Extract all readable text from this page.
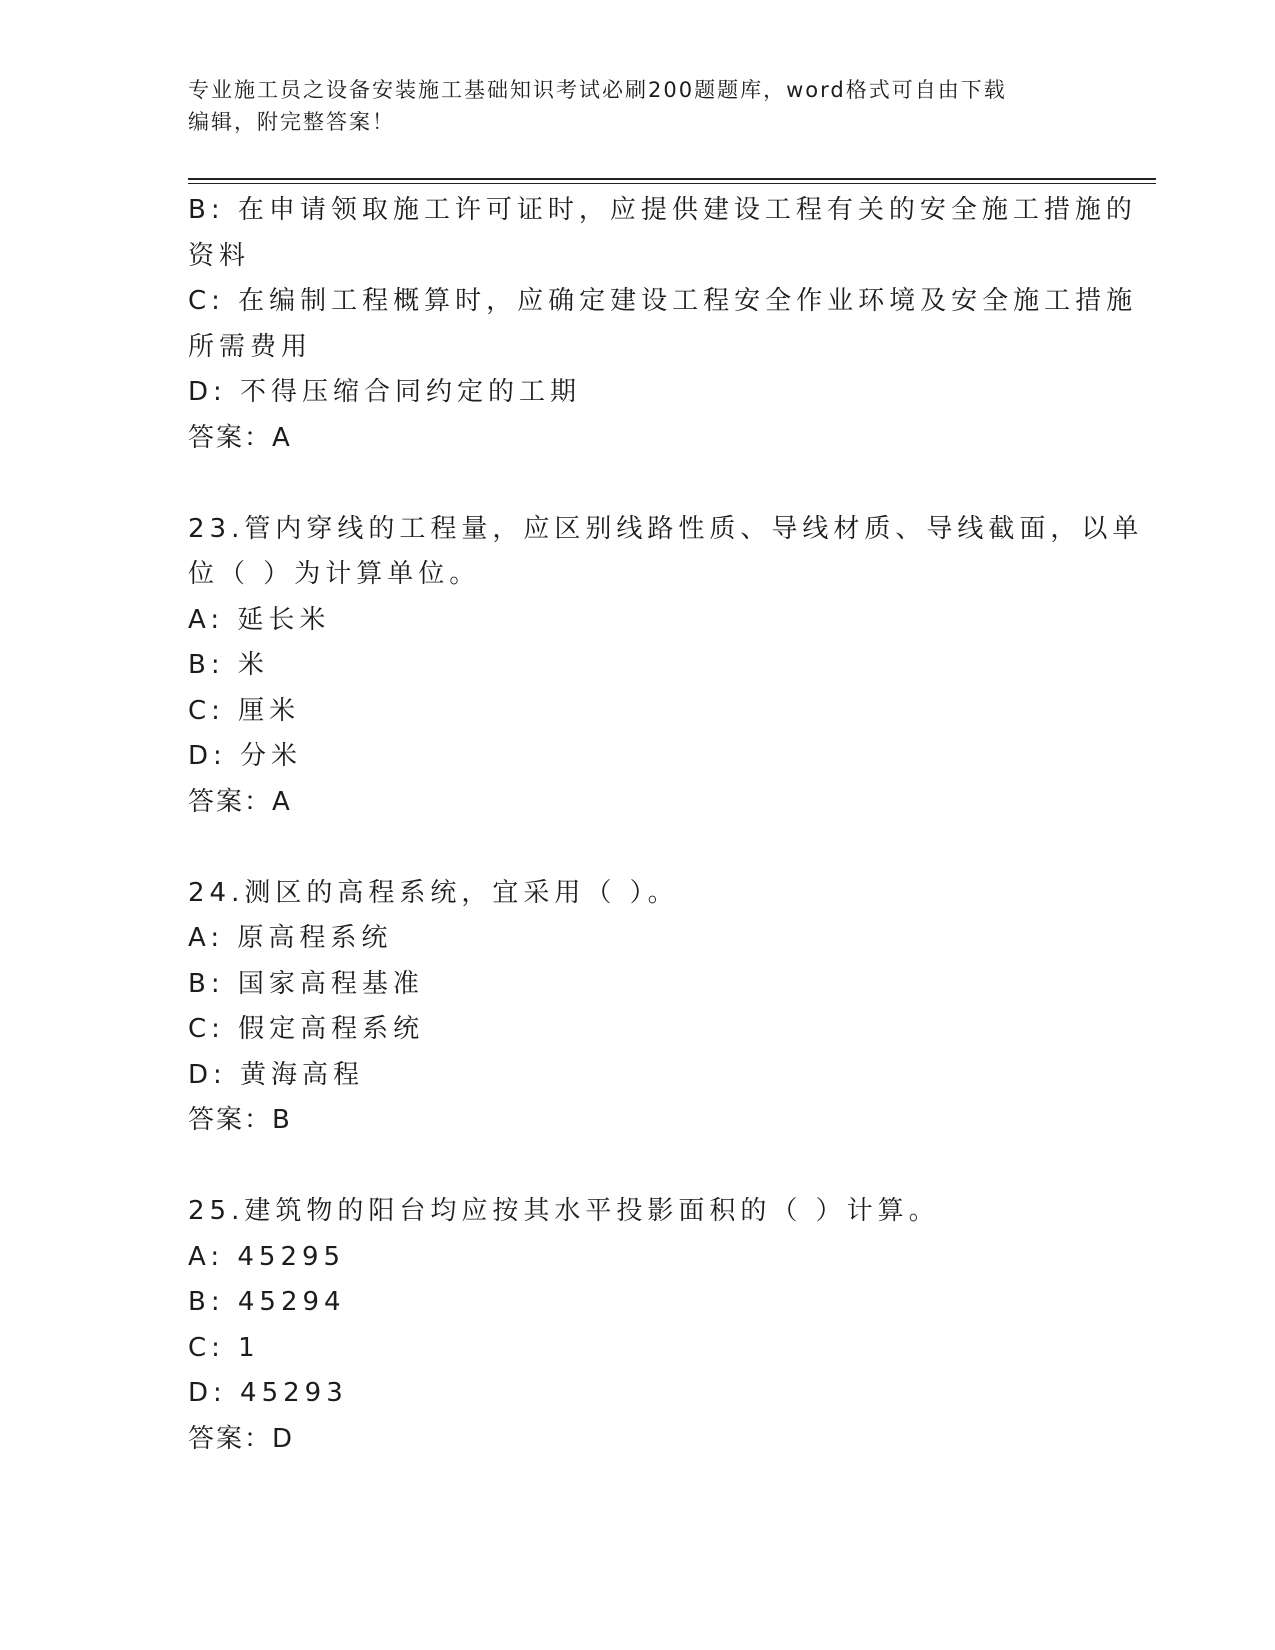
专业施工员之设备安装施工基础知识考试必刷200题题库，word格式可自由下载
编辑，附完整答案！
B: 在申请领取施工许可证时，应提供建设工程有关的安全施工措施的
资料
C: 在编制工程概算时，应确定建设工程安全作业环境及安全施工措施
所需费用
D: 不得压缩合同约定的工期
答案：A
23.管内穿线的工程量，应区别线路性质、导线材质、导线截面，以单
位（ ）为计算单位。
A: 延长米
B: 米
C: 厘米
D: 分米
答案：A
24.测区的高程系统，宜采用（ ）。
A: 原高程系统
B: 国家高程基准
C: 假定高程系统
D: 黄海高程
答案：B
25.建筑物的阳台均应按其水平投影面积的（ ）计算。
A: 45295
B: 45294
C: 1
D: 45293
答案：D
